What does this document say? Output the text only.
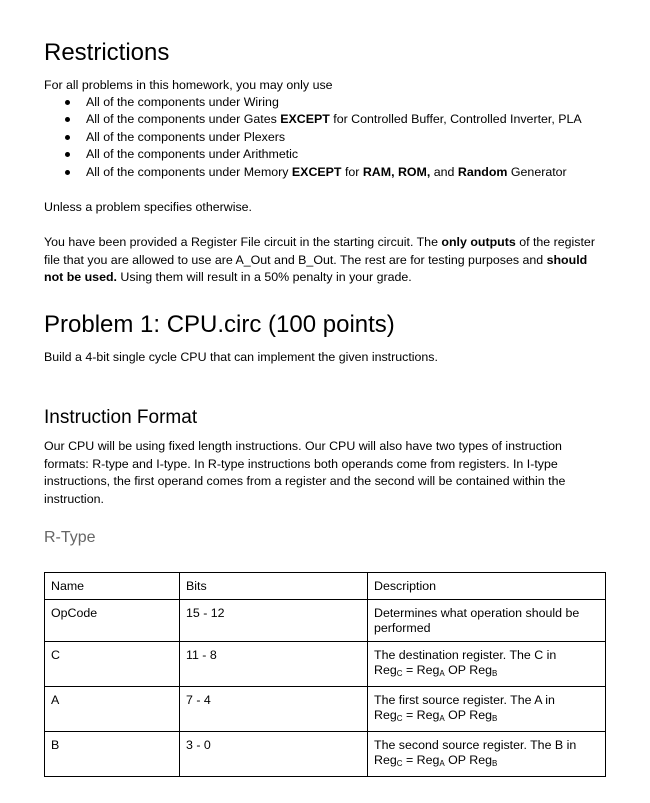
Restrictions

For all problems in this homework, you may only use

All of the components under Wiring
All of the components under Gates EXCEPT for Controlled Buffer, Controlled Inverter, PLA
All of the components under Plexers
All of the components under Arithmetic
All of the components under Memory EXCEPT for RAM, ROM, and Random Generator

Unless a problem specifies otherwise.

You have been provided a Register File circuit in the starting circuit. The only outputs of the register file that you are allowed to use are A_Out and B_Out. The rest are for testing purposes and should not be used. Using them will result in a 50% penalty in your grade.

Problem 1: CPU.circ (100 points)

Build a 4-bit single cycle CPU that can implement the given instructions.

Instruction Format

Our CPU will be using fixed length instructions. Our CPU will also have two types of instruction formats: R-type and I-type. In R-type instructions both operands come from registers. In I-type instructions, the first operand comes from a register and the second will be contained within the instruction.

R-Type
Name	Bits	Description
OpCode	15 - 12	Determines what operation should be performed
C	11 - 8	The destination register. The C in
Reg$_C$ = Reg$_A$ OP Reg$_B$
A	7 - 4	The first source register. The A in
Reg$_C$ = Reg$_A$ OP Reg$_B$
B	3 - 0	The second source register. The B in
Reg$_C$ = Reg$_A$ OP Reg$_B$
